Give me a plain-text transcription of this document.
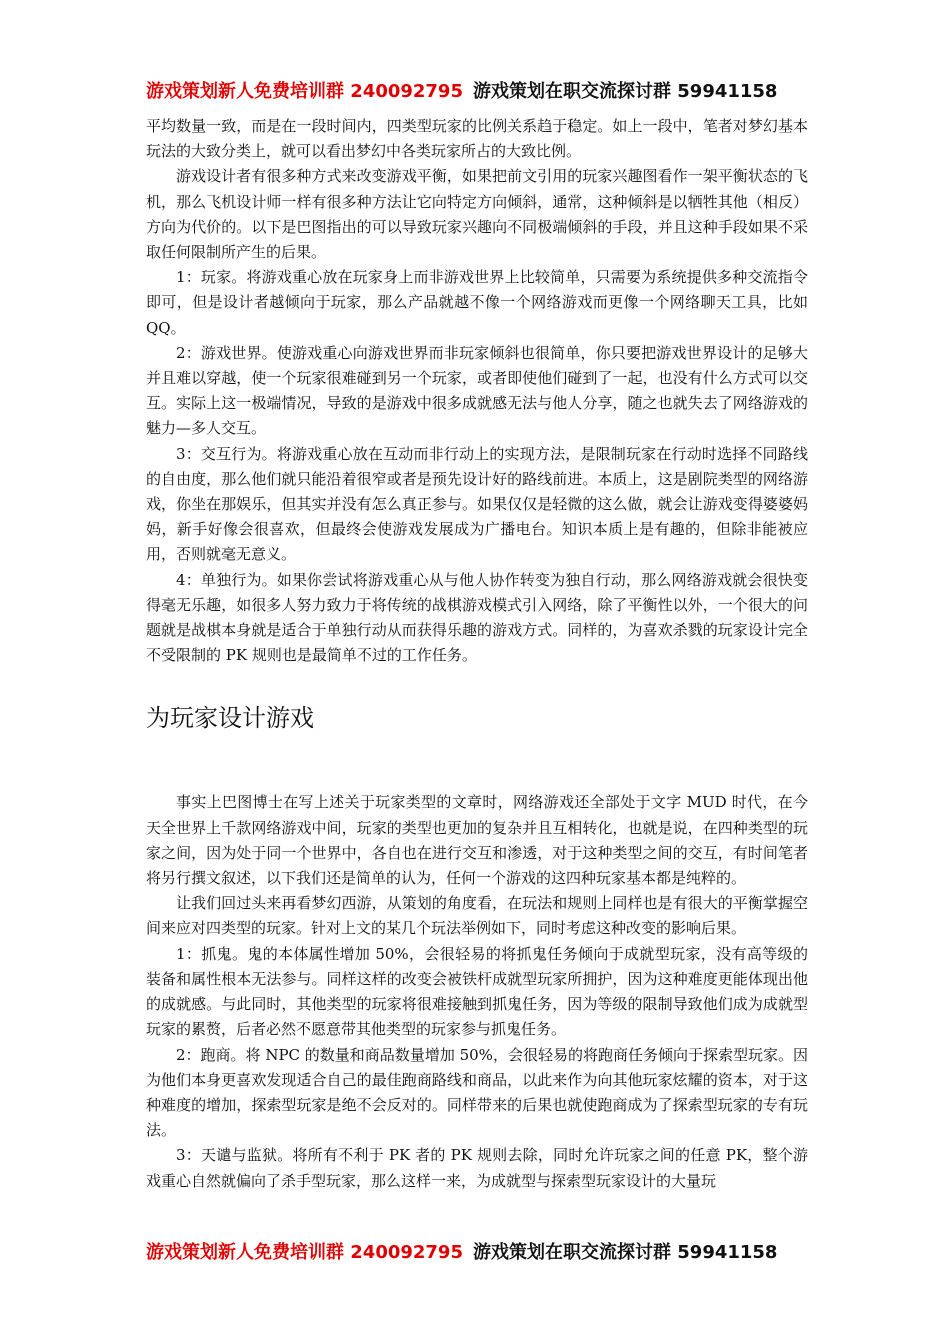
游戏策划新人免费培训群 240092795 游戏策划在职交流探讨群 59941158

平均数量一致，而是在一段时间内，四类型玩家的比例关系趋于稳定。如上一段中，笔者对梦幻基本玩法的大致分类上，就可以看出梦幻中各类玩家所占的大致比例。

游戏设计者有很多种方式来改变游戏平衡，如果把前文引用的玩家兴趣图看作一架平衡状态的飞机，那么飞机设计师一样有很多种方法让它向特定方向倾斜，通常，这种倾斜是以牺牲其他（相反）方向为代价的。以下是巴图指出的可以导致玩家兴趣向不同极端倾斜的手段，并且这种手段如果不采取任何限制所产生的后果。

1：玩家。将游戏重心放在玩家身上而非游戏世界上比较简单，只需要为系统提供多种交流指令即可，但是设计者越倾向于玩家，那么产品就越不像一个网络游戏而更像一个网络聊天工具，比如 QQ。

2：游戏世界。使游戏重心向游戏世界而非玩家倾斜也很简单，你只要把游戏世界设计的足够大并且难以穿越，使一个玩家很难碰到另一个玩家，或者即使他们碰到了一起，也没有什么方式可以交互。实际上这一极端情况，导致的是游戏中很多成就感无法与他人分享，随之也就失去了网络游戏的魅力—多人交互。

3：交互行为。将游戏重心放在互动而非行动上的实现方法，是限制玩家在行动时选择不同路线的自由度，那么他们就只能沿着很窄或者是预先设计好的路线前进。本质上，这是剧院类型的网络游戏，你坐在那娱乐，但其实并没有怎么真正参与。如果仅仅是轻微的这么做，就会让游戏变得婆婆妈妈，新手好像会很喜欢，但最终会使游戏发展成为广播电台。知识本质上是有趣的，但除非能被应用，否则就毫无意义。

4：单独行为。如果你尝试将游戏重心从与他人协作转变为独自行动，那么网络游戏就会很快变得毫无乐趣，如很多人努力致力于将传统的战棋游戏模式引入网络，除了平衡性以外，一个很大的问题就是战棋本身就是适合于单独行动从而获得乐趣的游戏方式。同样的，为喜欢杀戮的玩家设计完全不受限制的 PK 规则也是最简单不过的工作任务。

为玩家设计游戏

事实上巴图博士在写上述关于玩家类型的文章时，网络游戏还全部处于文字 MUD 时代，在今天全世界上千款网络游戏中间，玩家的类型也更加的复杂并且互相转化，也就是说，在四种类型的玩家之间，因为处于同一个世界中，各自也在进行交互和渗透，对于这种类型之间的交互，有时间笔者将另行撰文叙述，以下我们还是简单的认为，任何一个游戏的这四种玩家基本都是纯粹的。

让我们回过头来再看梦幻西游，从策划的角度看，在玩法和规则上同样也是有很大的平衡掌握空间来应对四类型的玩家。针对上文的某几个玩法举例如下，同时考虑这种改变的影响后果。

1：抓鬼。鬼的本体属性增加 50%，会很轻易的将抓鬼任务倾向于成就型玩家，没有高等级的装备和属性根本无法参与。同样这样的改变会被铁杆成就型玩家所拥护，因为这种难度更能体现出他的成就感。与此同时，其他类型的玩家将很难接触到抓鬼任务，因为等级的限制导致他们成为成就型玩家的累赘，后者必然不愿意带其他类型的玩家参与抓鬼任务。

2：跑商。将 NPC 的数量和商品数量增加 50%，会很轻易的将跑商任务倾向于探索型玩家。因为他们本身更喜欢发现适合自己的最佳跑商路线和商品，以此来作为向其他玩家炫耀的资本，对于这种难度的增加，探索型玩家是绝不会反对的。同样带来的后果也就使跑商成为了探索型玩家的专有玩法。

3：天谴与监狱。将所有不利于 PK 者的 PK 规则去除，同时允许玩家之间的任意 PK，整个游戏重心自然就偏向了杀手型玩家，那么这样一来，为成就型与探索型玩家设计的大量玩

游戏策划新人免费培训群 240092795 游戏策划在职交流探讨群 59941158
